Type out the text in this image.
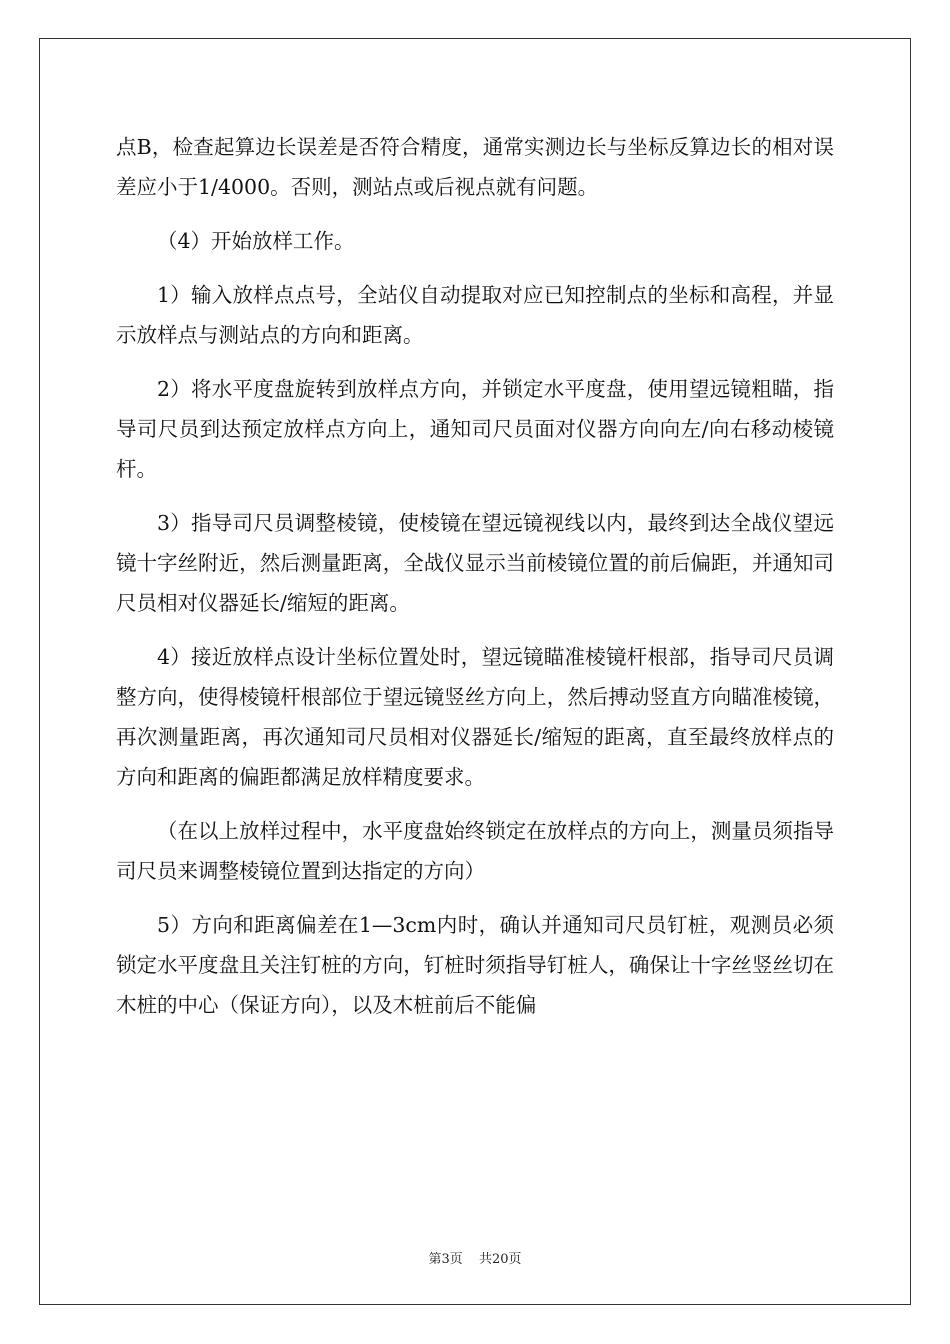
点B，检查起算边长误差是否符合精度，通常实测边长与坐标反算边长的相对误差应小于1/4000。否则，测站点或后视点就有问题。

（4）开始放样工作。

1）输入放样点点号，全站仪自动提取对应已知控制点的坐标和高程，并显示放样点与测站点的方向和距离。

2）将水平度盘旋转到放样点方向，并锁定水平度盘，使用望远镜粗瞄，指导司尺员到达预定放样点方向上，通知司尺员面对仪器方向向左/向右移动棱镜杆。

3）指导司尺员调整棱镜，使棱镜在望远镜视线以内，最终到达全战仪望远镜十字丝附近，然后测量距离，全战仪显示当前棱镜位置的前后偏距，并通知司尺员相对仪器延长/缩短的距离。

4）接近放样点设计坐标位置处时，望远镜瞄准棱镜杆根部，指导司尺员调整方向，使得棱镜杆根部位于望远镜竖丝方向上，然后搏动竖直方向瞄准棱镜，再次测量距离，再次通知司尺员相对仪器延长/缩短的距离，直至最终放样点的方向和距离的偏距都满足放样精度要求。

（在以上放样过程中，水平度盘始终锁定在放样点的方向上，测量员须指导司尺员来调整棱镜位置到达指定的方向）

5）方向和距离偏差在1—3cm内时，确认并通知司尺员钉桩，观测员必须锁定水平度盘且关注钉桩的方向，钉桩时须指导钉桩人，确保让十字丝竖丝切在木桩的中心（保证方向），以及木桩前后不能偏

第3页 共20页
